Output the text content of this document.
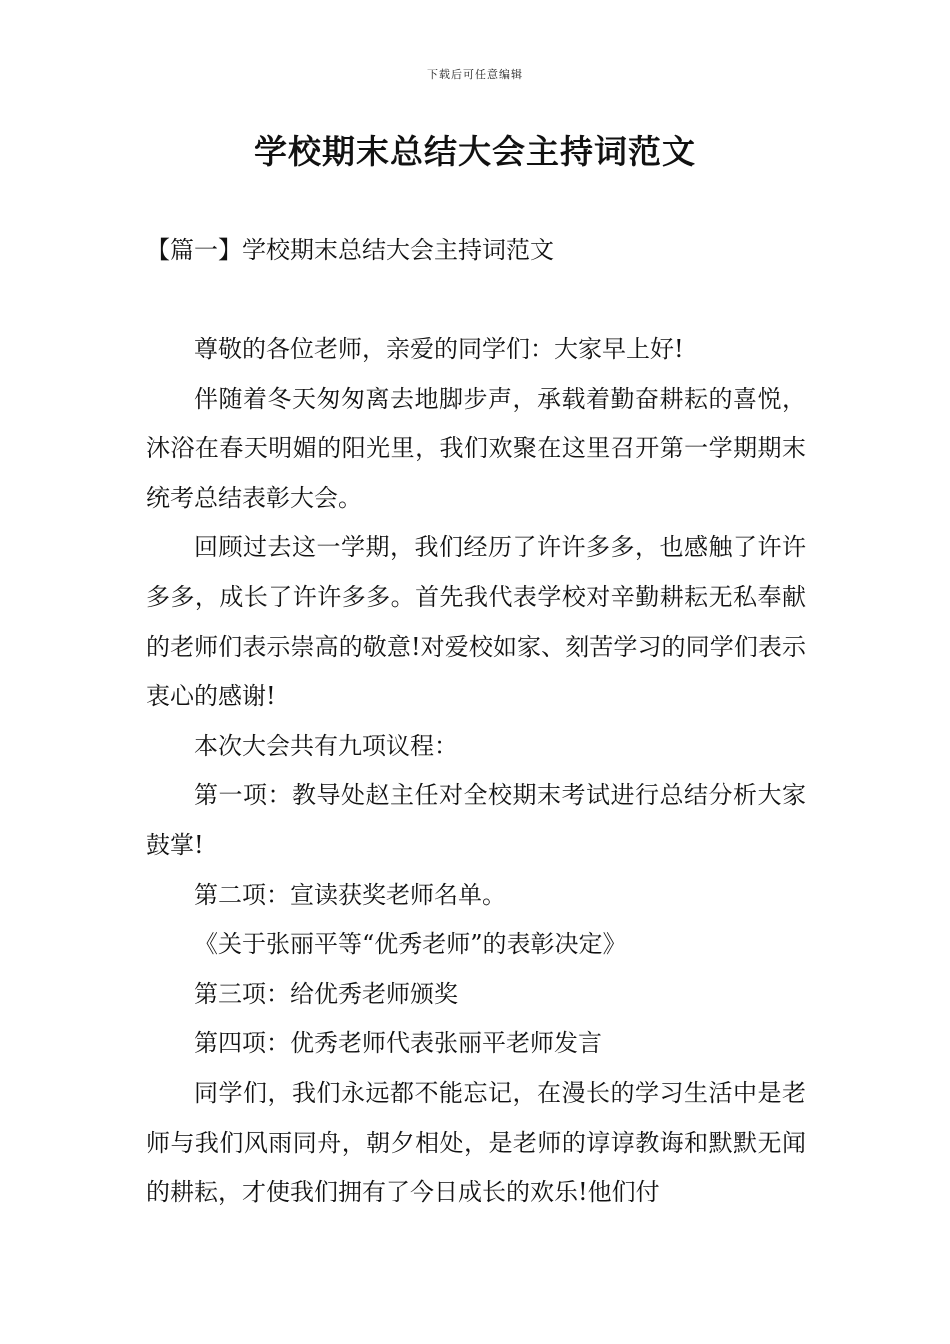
下载后可任意编辑
学校期末总结大会主持词范文
【篇一】学校期末总结大会主持词范文

尊敬的各位老师，亲爱的同学们：大家早上好!

伴随着冬天匆匆离去地脚步声，承载着勤奋耕耘的喜悦，沐浴在春天明媚的阳光里，我们欢聚在这里召开第一学期期末统考总结表彰大会。

回顾过去这一学期，我们经历了许许多多，也感触了许许多多，成长了许许多多。首先我代表学校对辛勤耕耘无私奉献的老师们表示崇高的敬意!对爱校如家、刻苦学习的同学们表示衷心的感谢!

本次大会共有九项议程：

第一项：教导处赵主任对全校期末考试进行总结分析大家鼓掌!

第二项：宣读获奖老师名单。

《关于张丽平等“优秀老师”的表彰决定》

第三项：给优秀老师颁奖

第四项：优秀老师代表张丽平老师发言

同学们，我们永远都不能忘记，在漫长的学习生活中是老师与我们风雨同舟，朝夕相处，是老师的谆谆教诲和默默无闻的耕耘，才使我们拥有了今日成长的欢乐!他们付
